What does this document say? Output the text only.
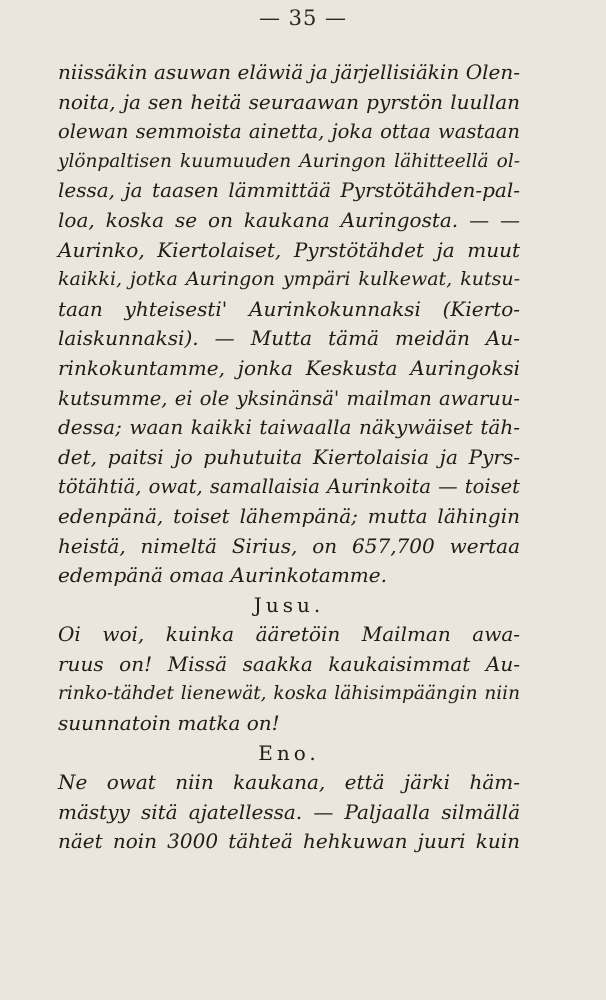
— 35 —
niissäkin asuwan eläwiä ja järjellisiäkin Olen-
noita, ja sen heitä seuraawan pyrstön luullan
olewan semmoista ainetta, joka ottaa wastaan
ylönpaltisen kuumuuden Auringon lähitteellä ol-
lessa, ja taasen lämmittää Pyrstötähden-pal-
loa, koska se on kaukana Auringosta. — —
Aurinko, Kiertolaiset, Pyrstötähdet ja muut
kaikki, jotka Auringon ympäri kulkewat, kutsu-
taan yhteisesti' Aurinkokunnaksi (Kierto-
laiskunnaksi). — Mutta tämä meidän Au-
rinkokuntamme, jonka Keskusta Auringoksi
kutsumme, ei ole yksinänsä' mailman awaruu-
dessa; waan kaikki taiwaalla näkywäiset täh-
det, paitsi jo puhutuita Kiertolaisia ja Pyrs-
tötähtiä, owat, samallaisia Aurinkoita — toiset
edenpänä, toiset lähempänä; mutta lähingin
heistä, nimeltä Sirius, on 657,700 wertaa
edempänä omaa Aurinkotamme.
Jusu.
Oi woi, kuinka ääretöin Mailman awa-
ruus on! Missä saakka kaukaisimmat Au-
rinko-tähdet lienewät, koska lähisimpäängin niin
suunnatoin matka on!
Eno.
Ne owat niin kaukana, että järki häm-
mästyy sitä ajatellessa. — Paljaalla silmällä
näet noin 3000 tähteä hehkuwan juuri kuin
